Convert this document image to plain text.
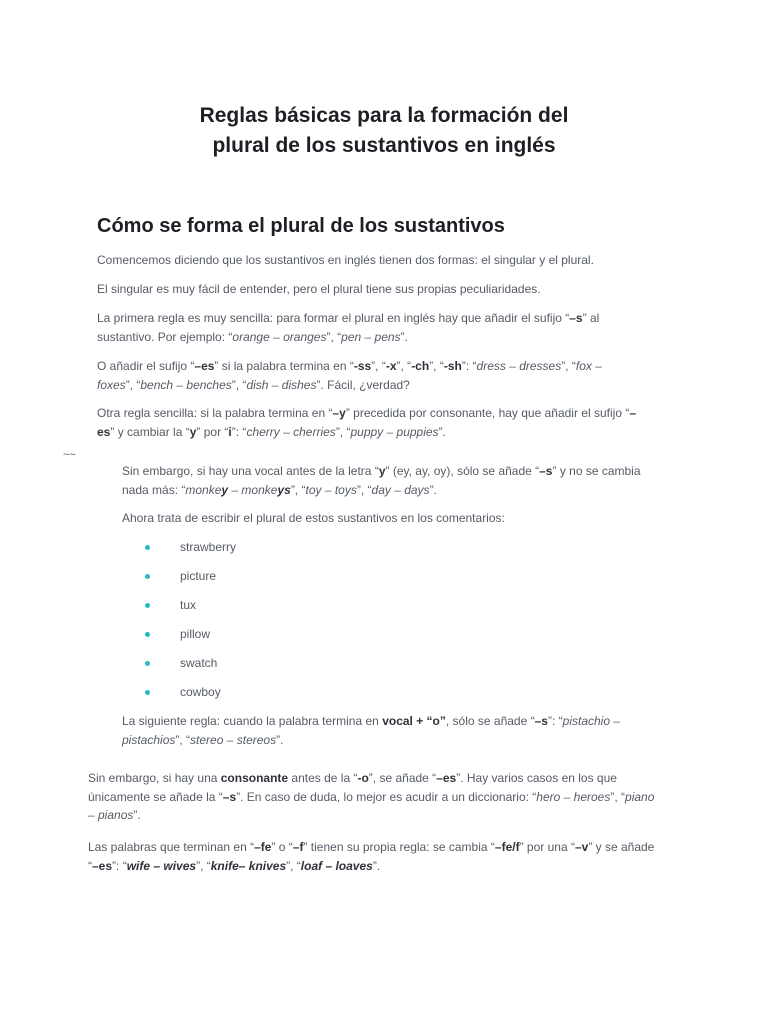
Reglas básicas para la formación del
plural de los sustantivos en inglés
Cómo se forma el plural de los sustantivos

Comencemos diciendo que los sustantivos en inglés tienen dos formas: el singular y el plural.

El singular es muy fácil de entender, pero el plural tiene sus propias peculiaridades.

La primera regla es muy sencilla: para formar el plural en inglés hay que añadir el sufijo “–s” al sustantivo. Por ejemplo: “orange – oranges”, “pen – pens”.

O añadir el sufijo “–es” si la palabra termina en “-ss”, “-x”, “-ch”, “-sh”: “dress – dresses”, “fox – foxes”, “bench – benches”, “dish – dishes”. Fácil, ¿verdad?

Otra regla sencilla: si la palabra termina en “–y” precedida por consonante, hay que añadir el sufijo “–es” y cambiar la “y” por “i”: “cherry – cherries”, “puppy – puppies”.

~~

Sin embargo, si hay una vocal antes de la letra “y” (ey, ay, oy), sólo se añade “–s” y no se cambia nada más: “monkey – monkeys”, “toy – toys”, “day – days”.

Ahora trata de escribir el plural de estos sustantivos en los comentarios:

strawberry
picture
tux
pillow
swatch
cowboy

La siguiente regla: cuando la palabra termina en vocal + “o”, sólo se añade “–s”: “pistachio – pistachios”, “stereo – stereos”.

Sin embargo, si hay una consonante antes de la “-o”, se añade “–es”. Hay varios casos en los que únicamente se añade la “–s”. En caso de duda, lo mejor es acudir a un diccionario: “hero – heroes”, “piano – pianos”.

Las palabras que terminan en “–fe” o “–f” tienen su propia regla: se cambia “–fe/f” por una “–v” y se añade “–es”: “wife – wives”, “knife– knives”, “loaf – loaves”.
